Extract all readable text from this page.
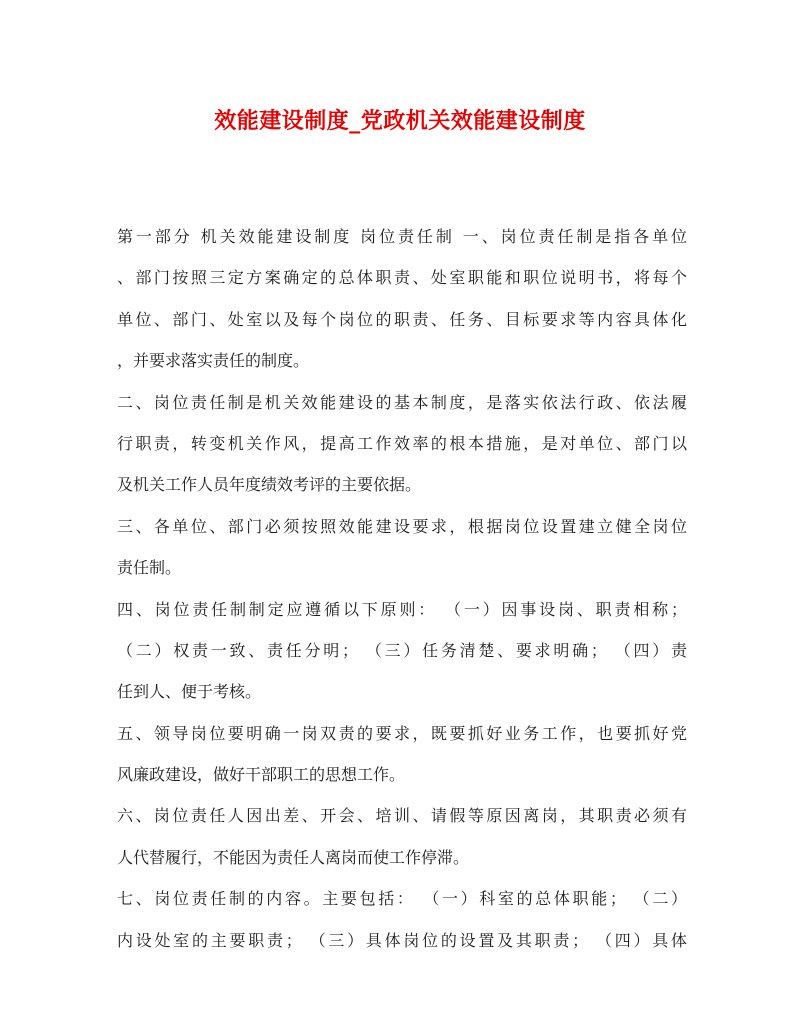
效能建设制度_党政机关效能建设制度
第一部分 机关效能建设制度 岗位责任制 一、岗位责任制是指各单位
、部门按照三定方案确定的总体职责、处室职能和职位说明书，将每个
单位、部门、处室以及每个岗位的职责、任务、目标要求等内容具体化
，并要求落实责任的制度。
二、岗位责任制是机关效能建设的基本制度，是落实依法行政、依法履
行职责，转变机关作风，提高工作效率的根本措施，是对单位、部门以
及机关工作人员年度绩效考评的主要依据。
三、各单位、部门必须按照效能建设要求，根据岗位设置建立健全岗位
责任制。
四、岗位责任制制定应遵循以下原则： （一）因事设岗、职责相称；
（二）权责一致、责任分明； （三）任务清楚、要求明确； （四）责
任到人、便于考核。
五、领导岗位要明确一岗双责的要求，既要抓好业务工作，也要抓好党
风廉政建设，做好干部职工的思想工作。
六、岗位责任人因出差、开会、培训、请假等原因离岗，其职责必须有
人代替履行，不能因为责任人离岗而使工作停滞。
七、岗位责任制的内容。主要包括： （一）科室的总体职能； （二）
内设处室的主要职责； （三）具体岗位的设置及其职责； （四）具体
